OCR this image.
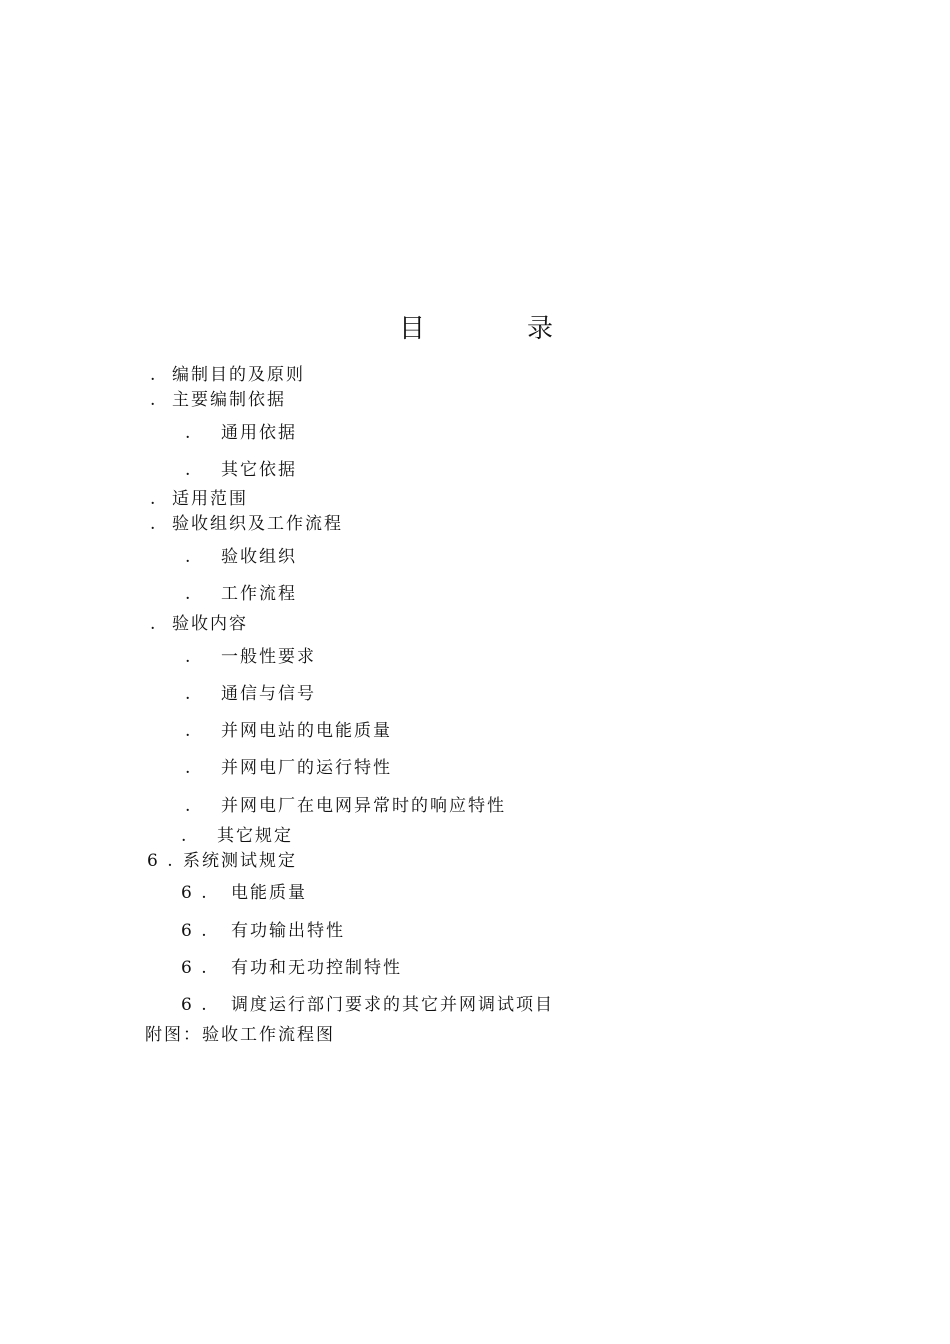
目	录
. 编制目的及原则
. 主要编制依据
. 通用依据
. 其它依据
. 适用范围
. 验收组织及工作流程
. 验收组织
. 工作流程
. 验收内容
. 一般性要求
. 通信与信号
. 并网电站的电能质量
. 并网电厂的运行特性
. 并网电厂在电网异常时的响应特性
. 其它规定
6 . 系统测试规定
6 . 电能质量
6 . 有功输出特性
6 . 有功和无功控制特性
6 . 调度运行部门要求的其它并网调试项目
附图：验收工作流程图
